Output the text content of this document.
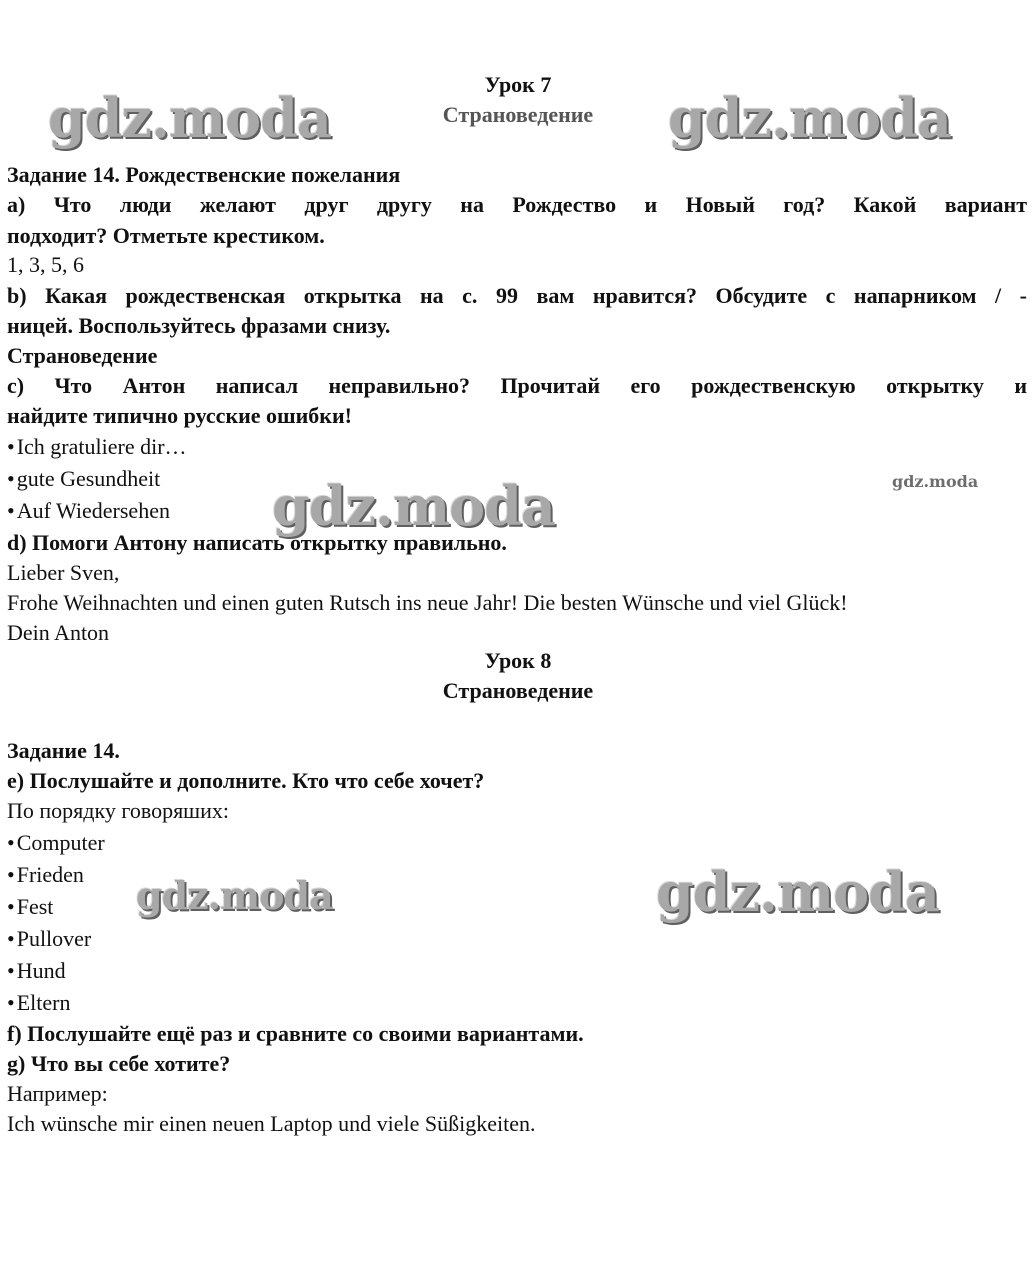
Урок 7
Страноведение
Задание 14. Рождественские пожелания
a) Что люди желают друг другу на Рождество и Новый год? Какой вариант
подходит? Отметьте крестиком.
1, 3, 5, 6
b) Какая рождественская открытка на с. 99 вам нравится? Обсудите с напарником / -
ницей. Воспользуйтесь фразами снизу.
Страноведение
c) Что Антон написал неправильно? Прочитай его рождественскую открытку и
найдите типично русские ошибки!
• Ich gratuliere dir…
• gute Gesundheit
• Auf Wiedersehen
d) Помоги Антону написать открытку правильно.
Lieber Sven,
Frohe Weihnachten und einen guten Rutsch ins neue Jahr! Die besten Wünsche und viel Glück!
Dein Anton
Урок 8
Страноведение
Задание 14.
e) Послушайте и дополните. Кто что себе хочет?
По порядку говоряших:
• Computer
• Frieden
• Fest
• Pullover
• Hund
• Eltern
f) Послушайте ещё раз и сравните со своими вариантами.
g) Что вы себе хотите?
Например:
Ich wünsche mir einen neuen Laptop und viele Süßigkeiten.
gdz.moda	gdz.moda
gdz.moda	gdz.moda
gdz.moda	gdz.moda
